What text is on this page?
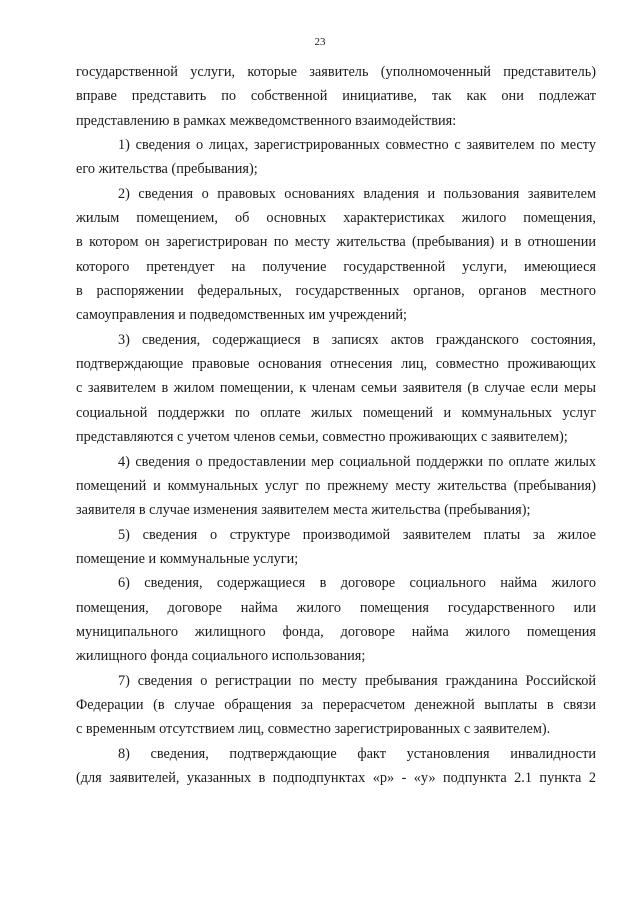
23
государственной услуги, которые заявитель (уполномоченный представитель)
вправе представить по собственной инициативе, так как они подлежат
представлению в рамках межведомственного взаимодействия:
1) сведения о лицах, зарегистрированных совместно с заявителем по месту
его жительства (пребывания);
2) сведения о правовых основаниях владения и пользования заявителем
жилым помещением, об основных характеристиках жилого помещения,
в котором он зарегистрирован по месту жительства (пребывания) и в отношении
которого претендует на получение государственной услуги, имеющиеся
в распоряжении федеральных, государственных органов, органов местного
самоуправления и подведомственных им учреждений;
3) сведения, содержащиеся в записях актов гражданского состояния,
подтверждающие правовые основания отнесения лиц, совместно проживающих
с заявителем в жилом помещении, к членам семьи заявителя (в случае если меры
социальной поддержки по оплате жилых помещений и коммунальных услуг
представляются с учетом членов семьи, совместно проживающих с заявителем);
4) сведения о предоставлении мер социальной поддержки по оплате жилых
помещений и коммунальных услуг по прежнему месту жительства (пребывания)
заявителя в случае изменения заявителем места жительства (пребывания);
5) сведения о структуре производимой заявителем платы за жилое
помещение и коммунальные услуги;
6) сведения, содержащиеся в договоре социального найма жилого
помещения, договоре найма жилого помещения государственного или
муниципального жилищного фонда, договоре найма жилого помещения
жилищного фонда социального использования;
7) сведения о регистрации по месту пребывания гражданина Российской
Федерации (в случае обращения за перерасчетом денежной выплаты в связи
с временным отсутствием лиц, совместно зарегистрированных с заявителем).
8) сведения, подтверждающие факт установления инвалидности
(для заявителей, указанных в подподпунктах «р» - «у» подпункта 2.1 пункта 2
